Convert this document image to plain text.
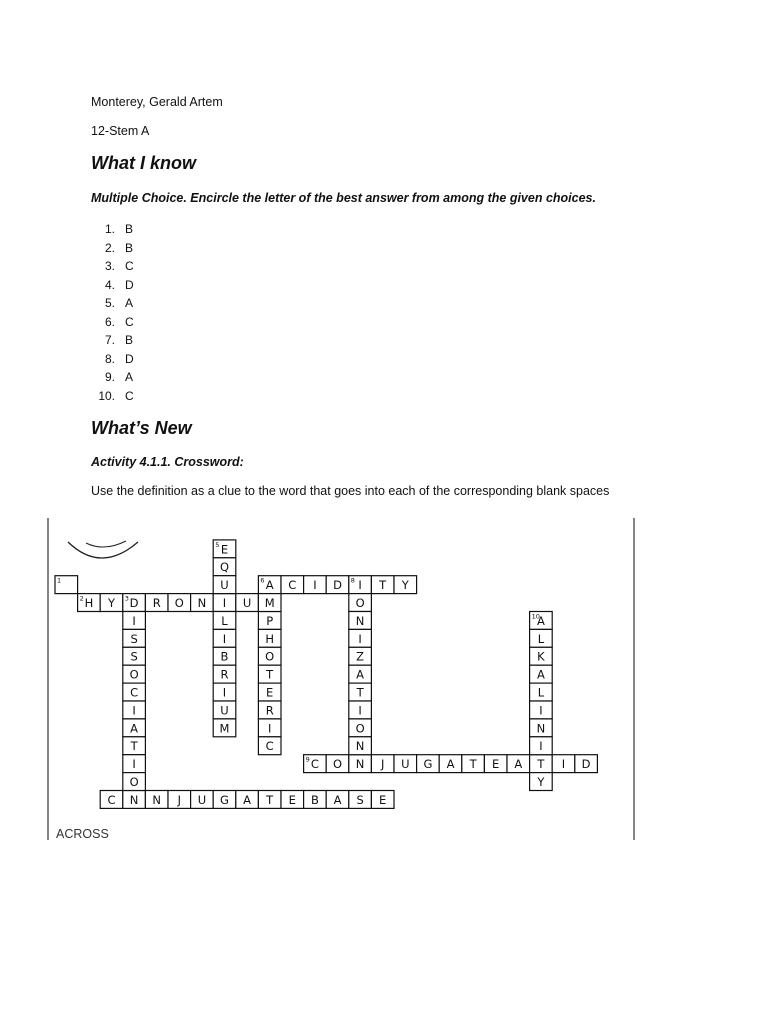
Monterey, Gerald Artem
12-Stem A
What I know
Multiple Choice. Encircle the letter of the best answer from among the given choices.
1. B
2. B
3. C
4. D
5. A
6. C
7. B
8. D
9. A
10. C
What’s New
Activity 4.1.1. Crossword:
Use the definition as a clue to the word that goes into each of the corresponding blank spaces
A
6 C I D I
8 T Y
H
2 Y D
3 R O N I U
C
9 O N J U G A T E A T I D
C N N J U G A T E B A S E
I
S
S
O
C
I
A
T
I
O
E
5
Q
U
L
I
B
R
I
U
M
P
H
O
T
E
R
I
C
O
N
I
Z
A
T
I
O
N
A
10
L
K
A
L
I
N
I
Y
1
M
ACROSS
